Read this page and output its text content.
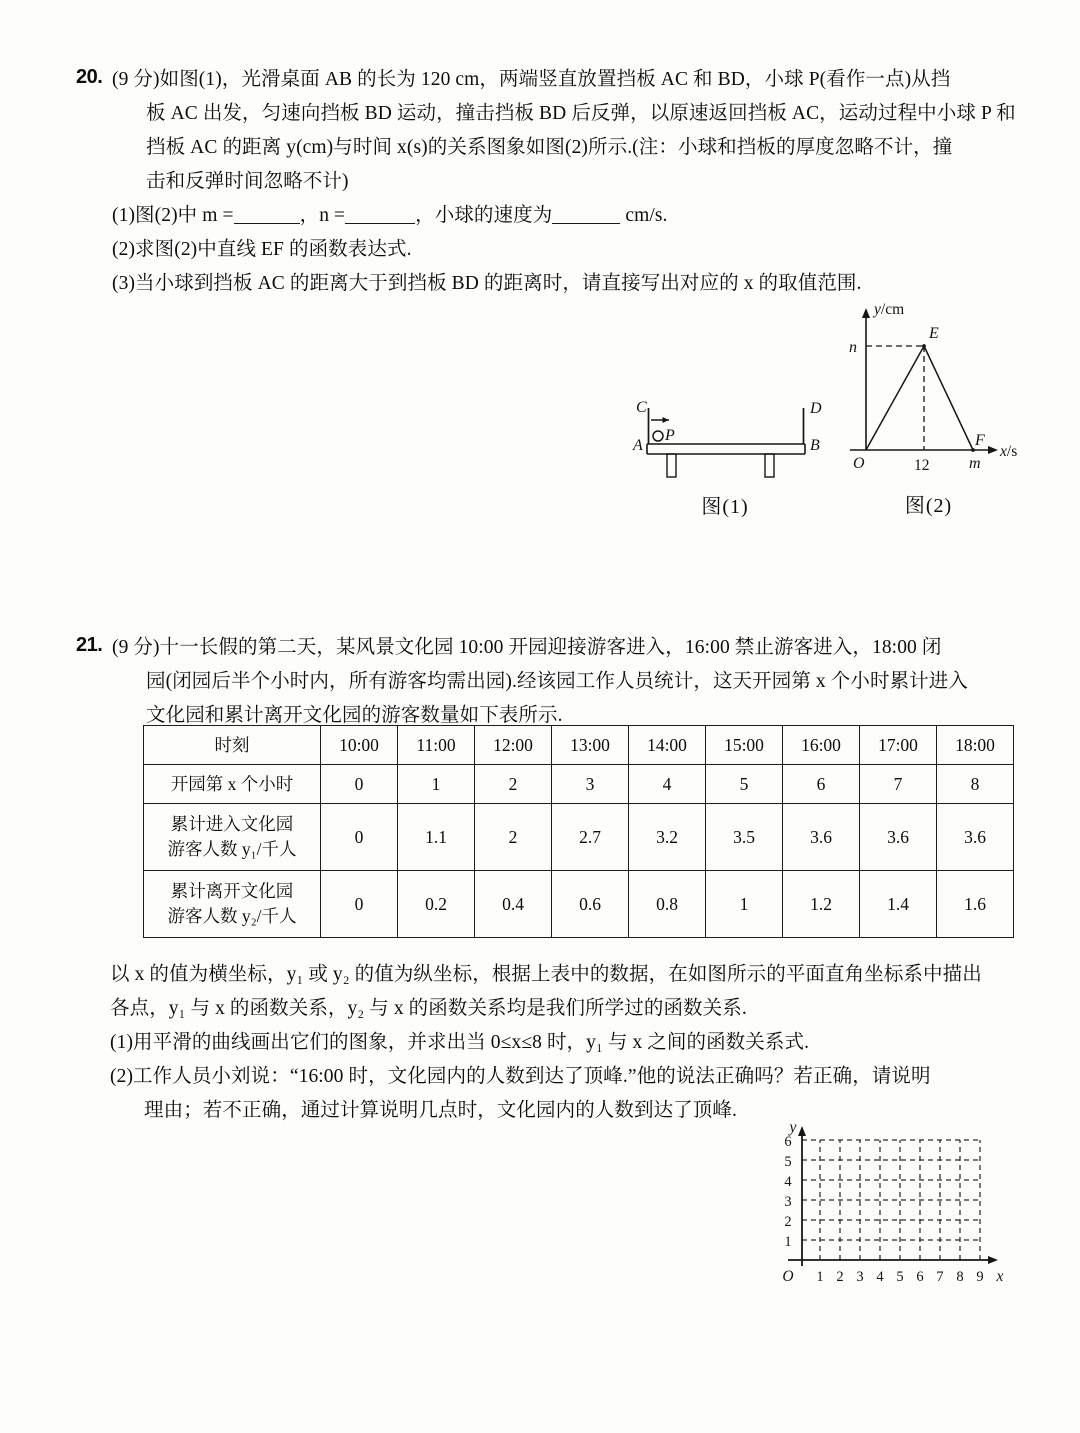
20. (9 分)如图(1)，光滑桌面 AB 的长为 120 cm，两端竖直放置挡板 AC 和 BD，小球 P(看作一点)从挡
板 AC 出发，匀速向挡板 BD 运动，撞击挡板 BD 后反弹，以原速返回挡板 AC，运动过程中小球 P 和
挡板 AC 的距离 y(cm)与时间 x(s)的关系图象如图(2)所示.(注：小球和挡板的厚度忽略不计，撞
击和反弹时间忽略不计)
(1)图(2)中 m =	，n =	，小球的速度为	cm/s.
(2)求图(2)中直线 EF 的函数表达式.
(3)当小球到挡板 AC 的距离大于到挡板 BD 的距离时，请直接写出对应的 x 的取值范围.
C	D
A	B
P
图(1)
y/cm
x/s
O
n
E
F
m
12
图(2)
21. (9 分)十一长假的第二天，某风景文化园 10:00 开园迎接游客进入，16:00 禁止游客进入，18:00 闭
园(闭园后半个小时内，所有游客均需出园).经该园工作人员统计，这天开园第 x 个小时累计进入
文化园和累计离开文化园的游客数量如下表所示.
时刻	10:00	11:00	12:00	13:00	14:00	15:00	16:00	17:00	18:00
开园第 x 个小时	0	1	2	3	4	5	6	7	8

累计进入文化园
游客人数 y₁/千人	0	1.1	2	2.7	3.2	3.5	3.6	3.6	3.6

累计离开文化园
游客人数 y₂/千人	0	0.2	0.4	0.6	0.8	1	1.2	1.4	1.6
以 x 的值为横坐标，y₁ 或 y₂ 的值为纵坐标，根据上表中的数据，在如图所示的平面直角坐标系中描出
各点，y₁ 与 x 的函数关系，y₂ 与 x 的函数关系均是我们所学过的函数关系.
(1)用平滑的曲线画出它们的图象，并求出当 0≤x≤8 时，y₁ 与 x 之间的函数关系式.
(2)工作人员小刘说：“16:00 时，文化园内的人数到达了顶峰.”他的说法正确吗？若正确，请说明
理由；若不正确，通过计算说明几点时，文化园内的人数到达了顶峰.
1
2
3
4
5
6
1 2 3 4 5 6 7 8 9
O	x
y
